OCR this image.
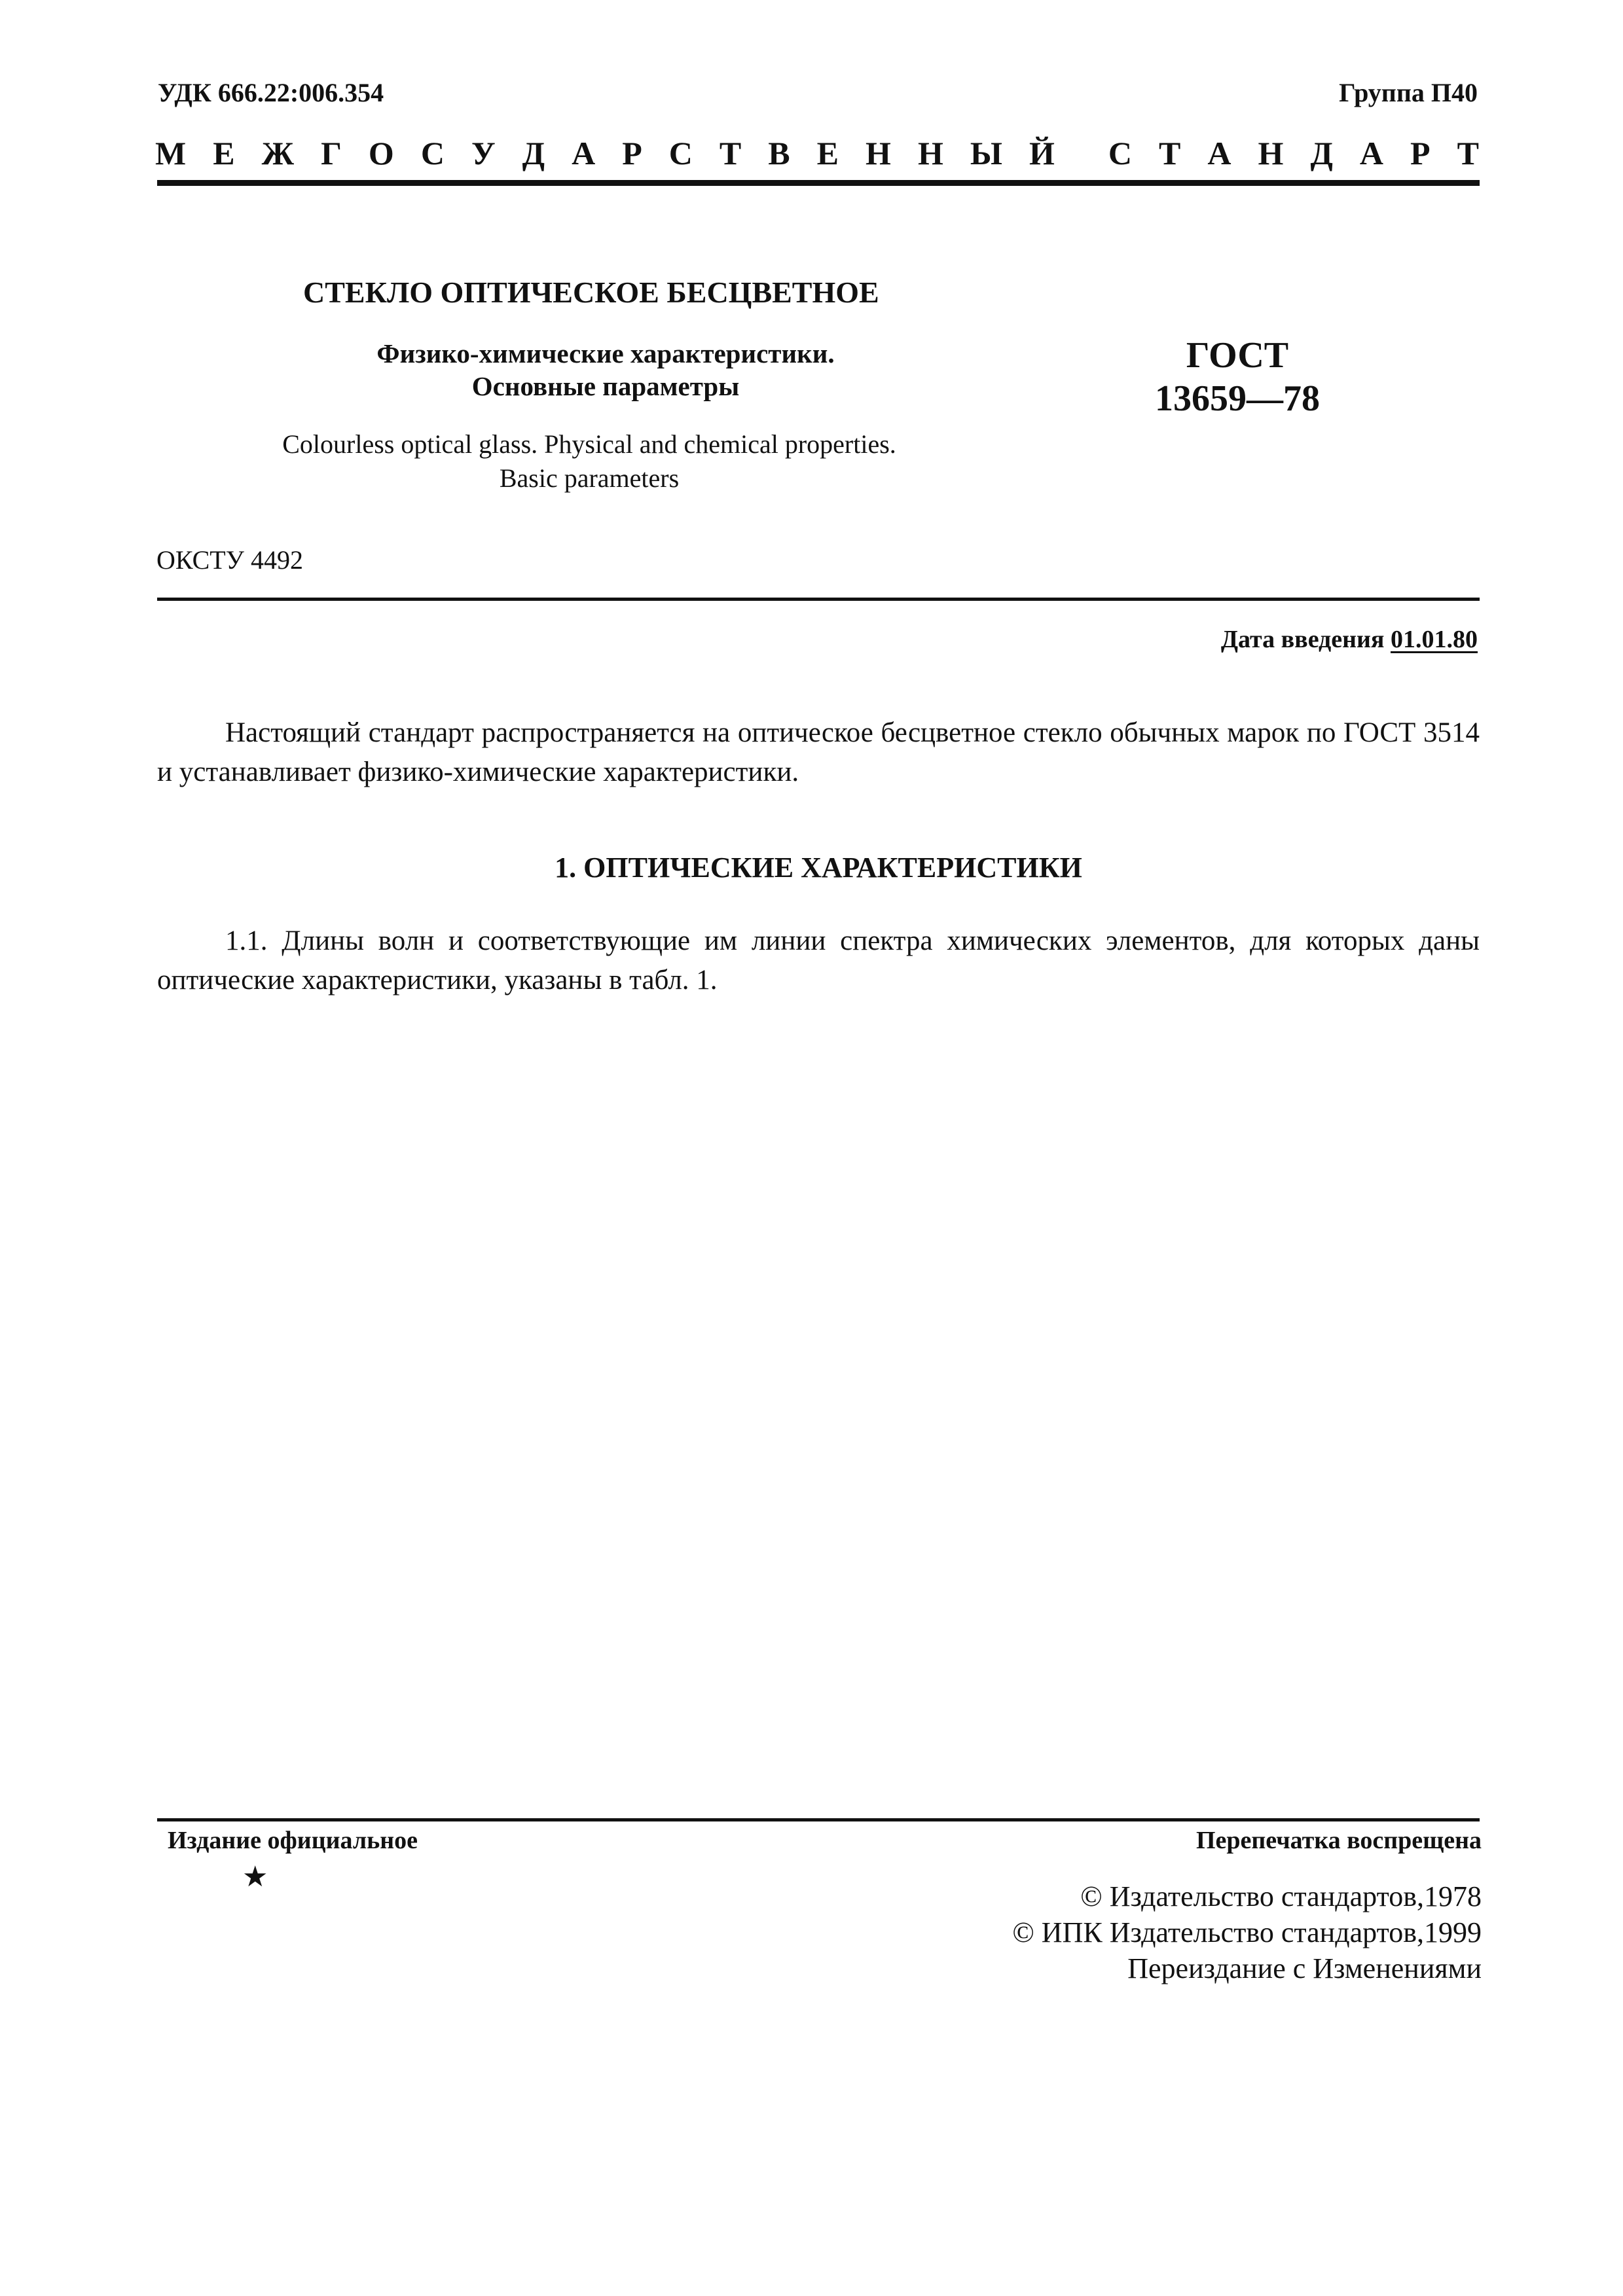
УДК 666.22:006.354	Группа П40
М Е Ж Г О С У Д А Р С Т В Е Н Н Ы Й С Т А Н Д А Р Т
СТЕКЛО ОПТИЧЕСКОЕ БЕСЦВЕТНОЕ
Физико-химические характеристики.
Основные параметры
Colourless optical glass. Physical and chemical properties.
Basic parameters
ГОСТ
13659—78
ОКСТУ 4492
Дата введения 01.01.80
Настоящий стандарт распространяется на оптическое бесцветное стекло обычных марок по ГОСТ 3514 и устанавливает физико-химические характеристики.
1. ОПТИЧЕСКИЕ ХАРАКТЕРИСТИКИ
1.1. Длины волн и соответствующие им линии спектра химических элементов, для которых даны оптические характеристики, указаны в табл. 1.
Издание официальное
★
Перепечатка воспрещена
© Издательство стандартов,1978
© ИПК Издательство стандартов,1999
Переиздание с Изменениями
